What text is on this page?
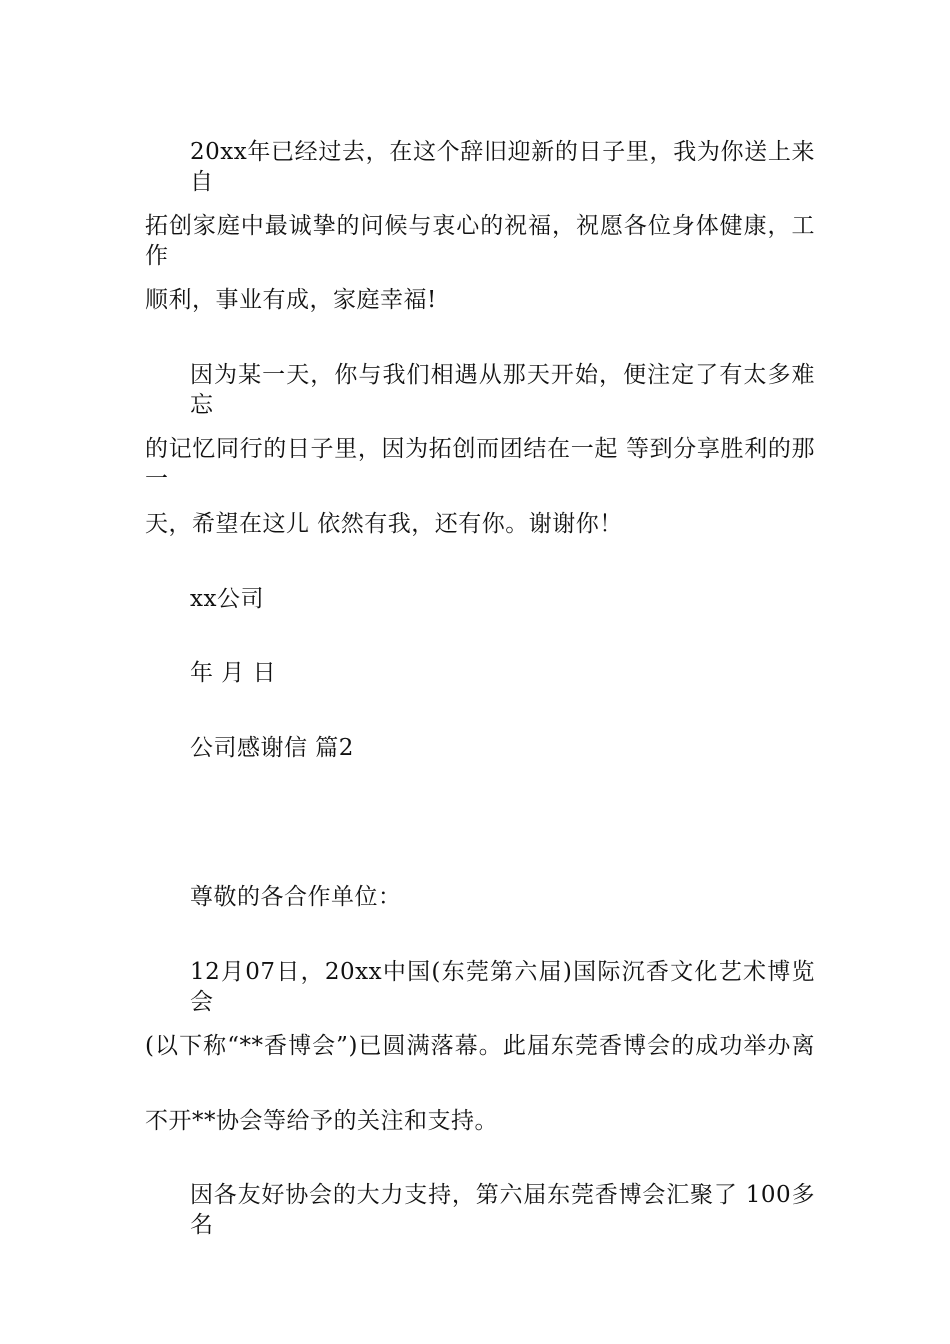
20xx年已经过去，在这个辞旧迎新的日子里，我为你送上来自
拓创家庭中最诚挚的问候与衷心的祝福，祝愿各位身体健康，工作
顺利，事业有成，家庭幸福!
因为某一天，你与我们相遇从那天开始，便注定了有太多难忘
的记忆同行的日子里，因为拓创而团结在一起 等到分享胜利的那一
天，希望在这儿 依然有我，还有你。谢谢你！
xx公司
年 月 日
公司感谢信 篇2
尊敬的各合作单位：
12月07日，20xx中国(东莞第六届)国际沉香文化艺术博览会
(以下称“**香博会”)已圆满落幕。此届东莞香博会的成功举办离
不开**协会等给予的关注和支持。
因各友好协会的大力支持，第六届东莞香博会汇聚了 100多名
